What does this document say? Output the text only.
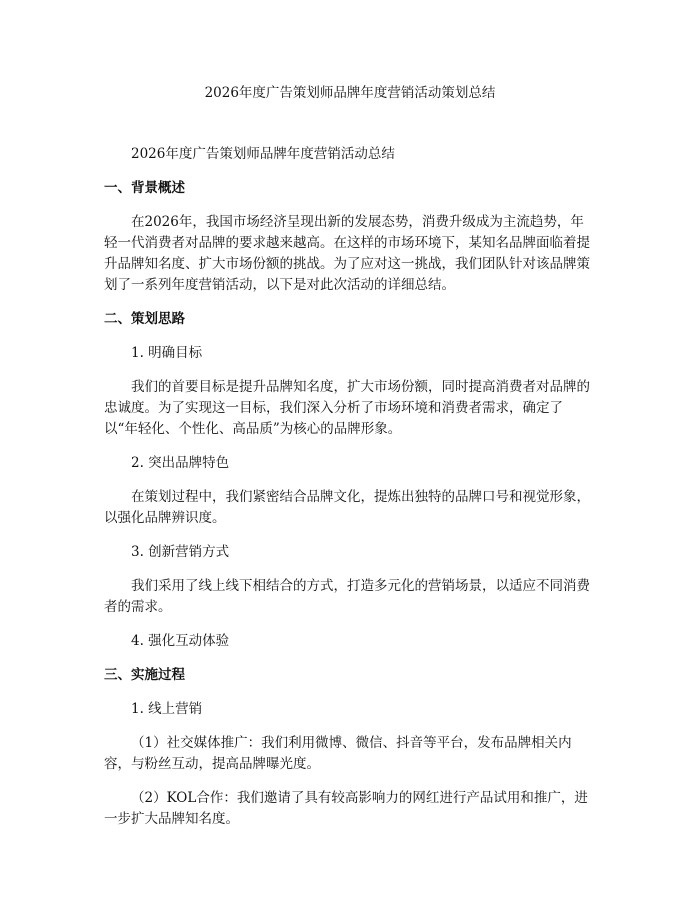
2026年度广告策划师品牌年度营销活动策划总结

2026年度广告策划师品牌年度营销活动总结

一、背景概述

在2026年，我国市场经济呈现出新的发展态势，消费升级成为主流趋势，年轻一代消费者对品牌的要求越来越高。在这样的市场环境下，某知名品牌面临着提升品牌知名度、扩大市场份额的挑战。为了应对这一挑战，我们团队针对该品牌策划了一系列年度营销活动，以下是对此次活动的详细总结。

二、策划思路

1. 明确目标

我们的首要目标是提升品牌知名度，扩大市场份额，同时提高消费者对品牌的忠诚度。为了实现这一目标，我们深入分析了市场环境和消费者需求，确定了以“年轻化、个性化、高品质”为核心的品牌形象。

2. 突出品牌特色

在策划过程中，我们紧密结合品牌文化，提炼出独特的品牌口号和视觉形象，以强化品牌辨识度。

3. 创新营销方式

我们采用了线上线下相结合的方式，打造多元化的营销场景，以适应不同消费者的需求。

4. 强化互动体验

三、实施过程

1. 线上营销

（1）社交媒体推广：我们利用微博、微信、抖音等平台，发布品牌相关内容，与粉丝互动，提高品牌曝光度。

（2）KOL合作：我们邀请了具有较高影响力的网红进行产品试用和推广，进一步扩大品牌知名度。
